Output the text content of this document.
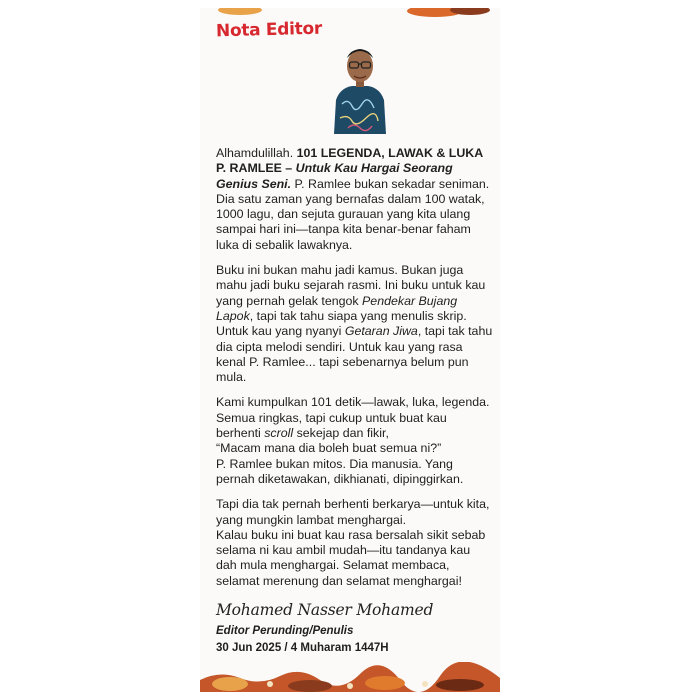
Nota Editor

Alhamdulillah. 101 LEGENDA, LAWAK & LUKA P. RAMLEE – Untuk Kau Hargai Seorang Genius Seni. P. Ramlee bukan sekadar seniman. Dia satu zaman yang bernafas dalam 100 watak, 1000 lagu, dan sejuta gurauan yang kita ulang sampai hari ini—tanpa kita benar-benar faham luka di sebalik lawaknya.

Buku ini bukan mahu jadi kamus. Bukan juga mahu jadi buku sejarah rasmi. Ini buku untuk kau yang pernah gelak tengok Pendekar Bujang Lapok, tapi tak tahu siapa yang menulis skrip. Untuk kau yang nyanyi Getaran Jiwa, tapi tak tahu dia cipta melodi sendiri. Untuk kau yang rasa kenal P. Ramlee... tapi sebenarnya belum pun mula.

Kami kumpulkan 101 detik—lawak, luka, legenda. Semua ringkas, tapi cukup untuk buat kau berhenti scroll sekejap dan fikir,
“Macam mana dia boleh buat semua ni?”
P. Ramlee bukan mitos. Dia manusia. Yang pernah diketawakan, dikhianati, dipinggirkan.

Tapi dia tak pernah berhenti berkarya—untuk kita, yang mungkin lambat menghargai.
Kalau buku ini buat kau rasa bersalah sikit sebab selama ni kau ambil mudah—itu tandanya kau dah mula menghargai. Selamat membaca, selamat merenung dan selamat menghargai!

Mohamed Nasser Mohamed
Editor Perunding/Penulis
30 Jun 2025 / 4 Muharam 1447H
